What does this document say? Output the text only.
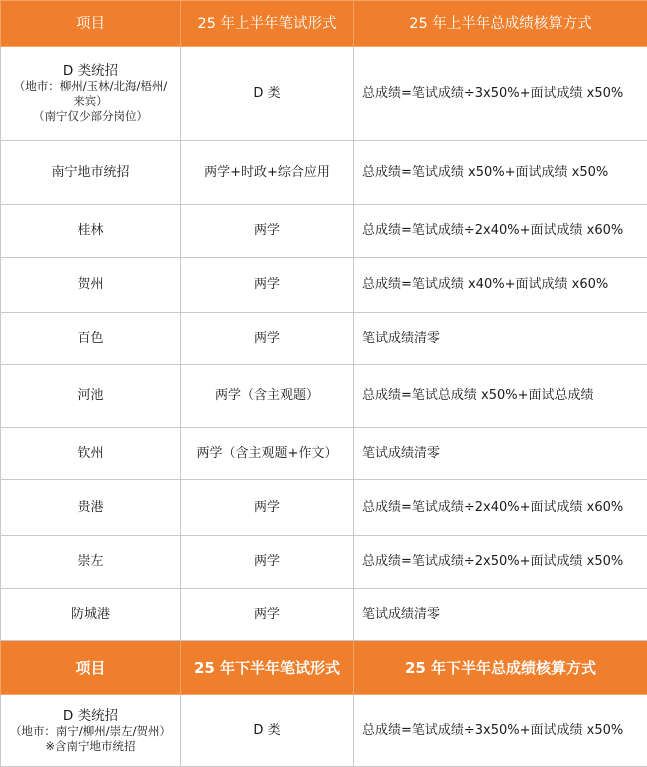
项目	25 年上半年笔试形式	25 年上半年总成绩核算方式

D 类统招
（地市：柳州/玉林/北海/梧州/
来宾）
（南宁仅少部分岗位）	D 类	总成绩=笔试成绩÷3x50%+面试成绩 x50%
南宁地市统招	两学+时政+综合应用	总成绩=笔试成绩 x50%+面试成绩 x50%
桂林	两学	总成绩=笔试成绩÷2x40%+面试成绩 x60%
贺州	两学	总成绩=笔试成绩 x40%+面试成绩 x60%
百色	两学	笔试成绩清零
河池	两学（含主观题）	总成绩=笔试总成绩 x50%+面试总成绩
钦州	两学（含主观题+作文）	笔试成绩清零
贵港	两学	总成绩=笔试成绩÷2x40%+面试成绩 x60%
崇左	两学	总成绩=笔试成绩÷2x50%+面试成绩 x50%
防城港	两学	笔试成绩清零
项目	25 年下半年笔试形式	25 年下半年总成绩核算方式

D 类统招
（地市：南宁/柳州/崇左/贺州）
※含南宁地市统招	D 类	总成绩=笔试成绩÷3x50%+面试成绩 x50%
